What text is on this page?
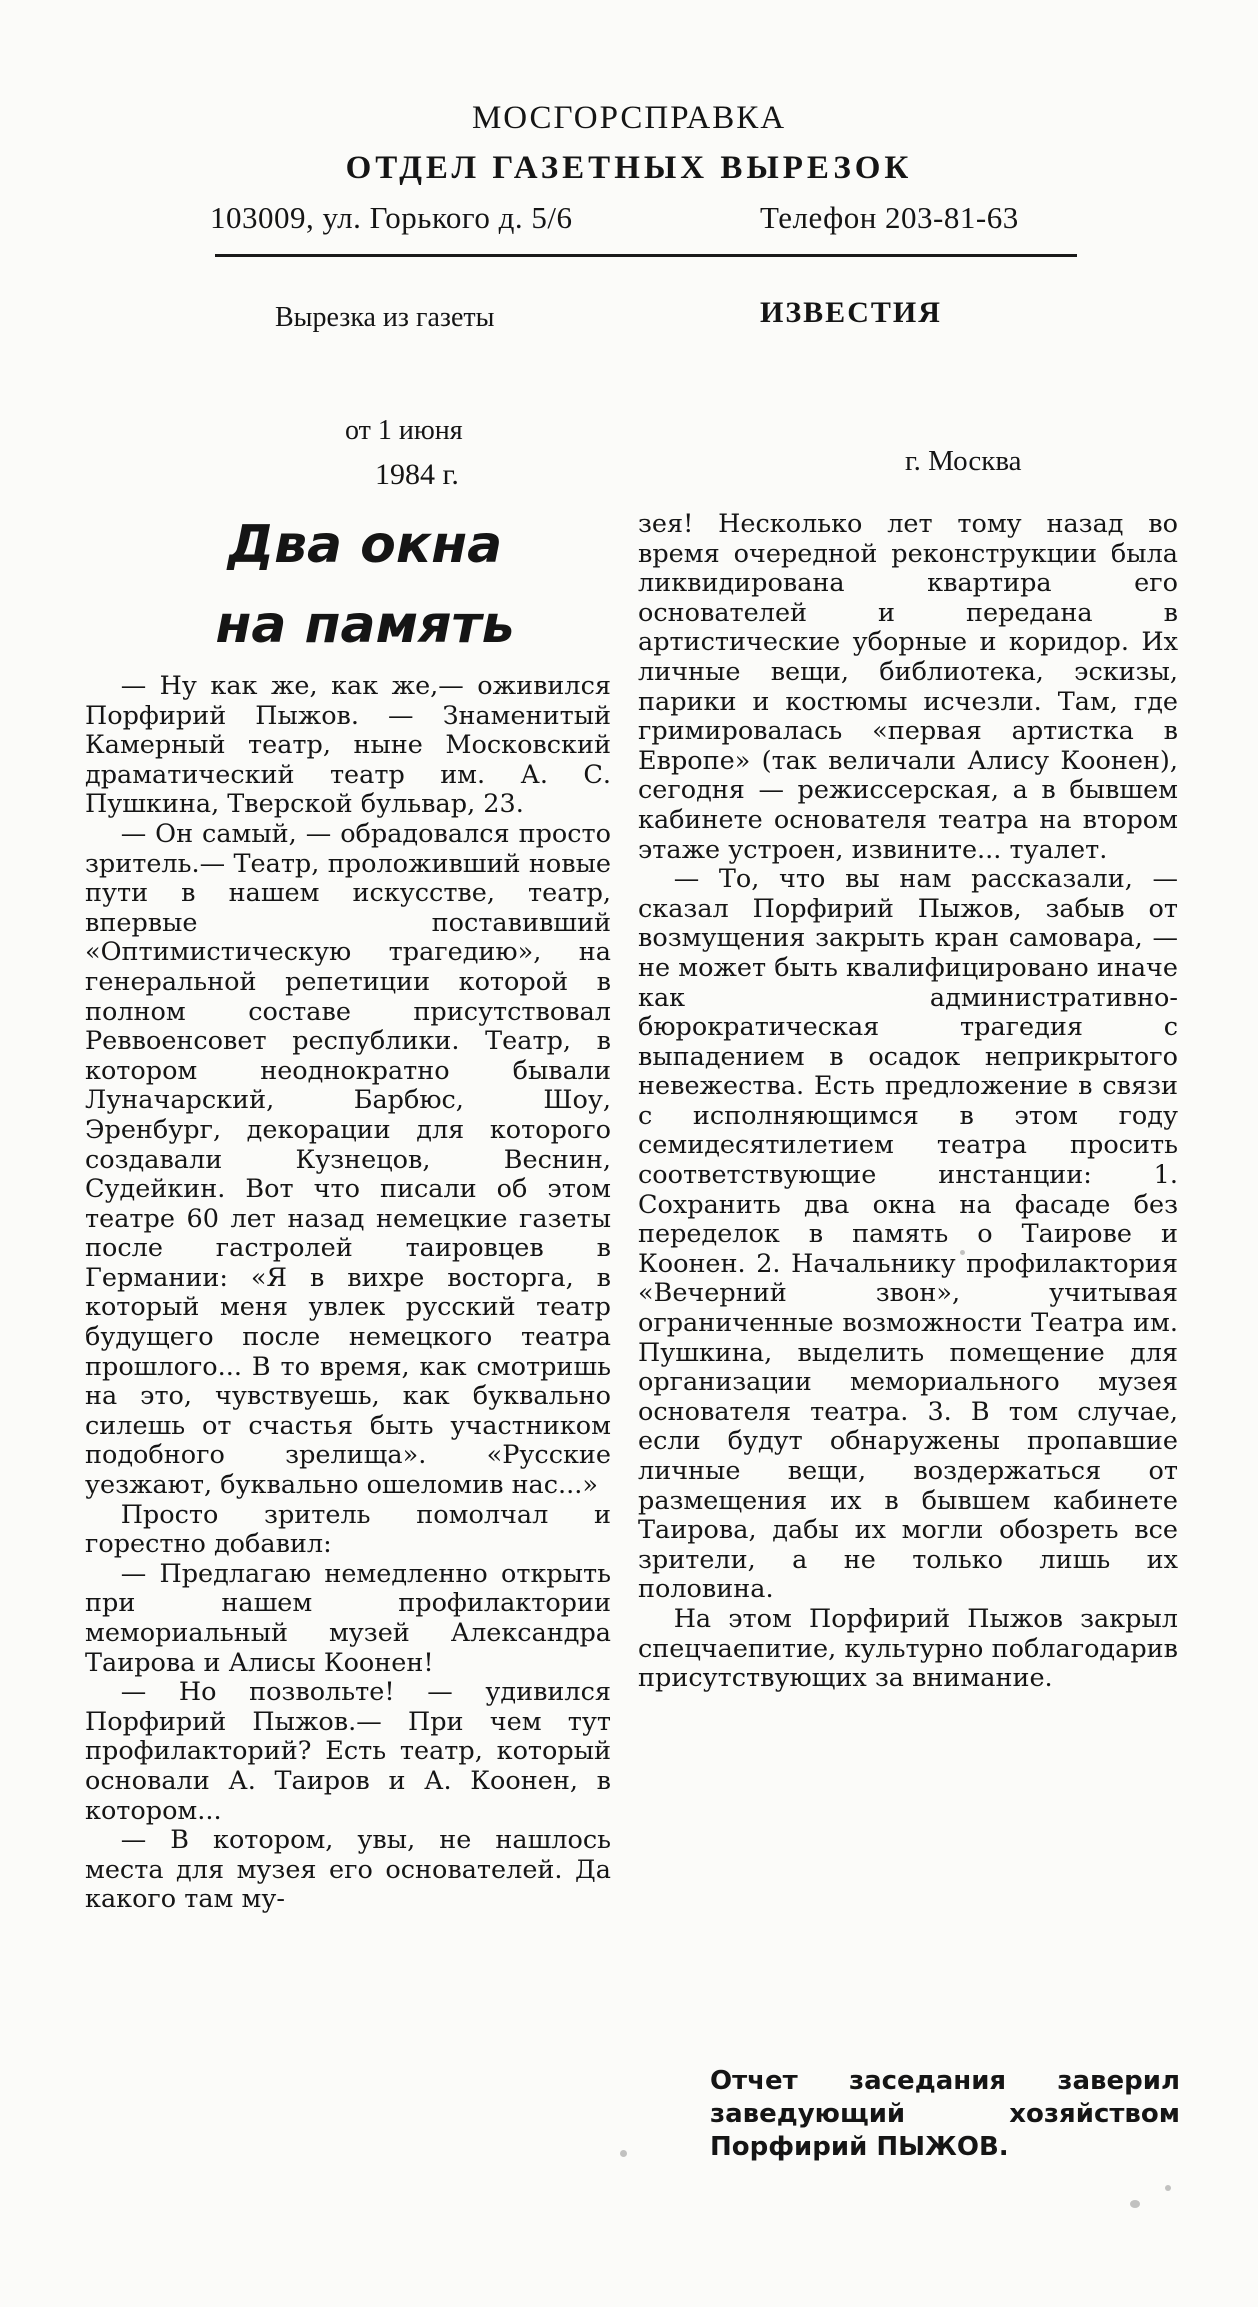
МОСГОРСПРАВКА
ОТДЕЛ ГАЗЕТНЫХ ВЫРЕЗОК
103009, ул. Горького д. 5/6	Телефон 203-81-63
Вырезка из газеты	ИЗВЕСТИЯ
от 1 июня
1984 г.	г. Москва
Два окна
на память

— Ну как же, как же,— оживился Порфирий Пыжов. — Знаменитый Камерный театр, ныне Московский драматический театр им. А. С. Пушкина, Тверской бульвар, 23.

— Он самый, — обрадовался просто зритель.— Театр, проложивший новые пути в нашем искусстве, театр, впервые поставивший «Оптимистическую трагедию», на генеральной репетиции которой в полном составе присутствовал Реввоенсовет республики. Театр, в котором неоднократно бывали Луначарский, Барбюс, Шоу, Эренбург, декорации для которого создавали Кузнецов, Веснин, Судейкин. Вот что писали об этом театре 60 лет назад немецкие газеты после гастролей таировцев в Германии: «Я в вихре восторга, в который меня увлек русский театр будущего после немецкого театра прошлого... В то время, как смотришь на это, чувствуешь, как буквально силешь от счастья быть участником подобного зрелища». «Русские уезжают, буквально ошеломив нас...»

Просто зритель помолчал и горестно добавил:

— Предлагаю немедленно открыть при нашем профилактории мемориальный музей Александра Таирова и Алисы Коонен!

— Но позвольте! — удивился Порфирий Пыжов.— При чем тут профилакторий? Есть театр, который основали А. Таиров и А. Коонен, в котором...

— В котором, увы, не нашлось места для музея его основателей. Да какого там му-

зея! Несколько лет тому назад во время очередной реконструкции была ликвидирована квартира его основателей и передана в артистические уборные и коридор. Их личные вещи, библиотека, эскизы, парики и костюмы исчезли. Там, где гримировалась «первая артистка в Европе» (так величали Алису Коонен), сегодня — режиссерская, а в бывшем кабинете основателя театра на втором этаже устроен, извините... туалет.

— То, что вы нам рассказали, — сказал Порфирий Пыжов, забыв от возмущения закрыть кран самовара, — не может быть квалифицировано иначе как административно-бюрократическая трагедия с выпадением в осадок неприкрытого невежества. Есть предложение в связи с исполняющимся в этом году семидесятилетием театра просить соответствующие инстанции: 1. Сохранить два окна на фасаде без переделок в память о Таирове и Коонен. 2. Начальнику профилактория «Вечерний звон», учитывая ограниченные возможности Театра им. Пушкина, выделить помещение для организации мемориального музея основателя театра. 3. В том случае, если будут обнаружены пропавшие личные вещи, воздержаться от размещения их в бывшем кабинете Таирова, дабы их могли обозреть все зрители, а не только лишь их половина.

На этом Порфирий Пыжов закрыл спецчаепитие, культурно поблагодарив присутствующих за внимание.

Отчет заседания заверил
заведующий хозяйством
Порфирий ПЫЖОВ.
